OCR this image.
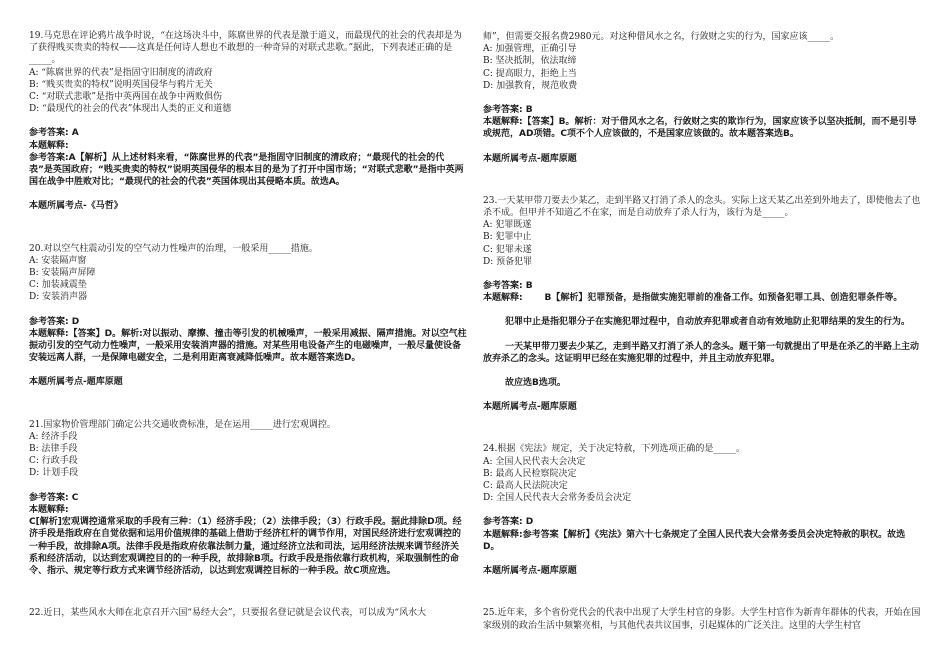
19.马克思在评论鸦片战争时说，“在这场决斗中，陈腐世界的代表是激于道义，而最现代的社会的代表却是为了获得贱买贵卖的特权——这真是任何诗人想也不敢想的一种奇异的对联式悲歌。”据此，下列表述正确的是_____。

A: “陈腐世界的代表”是指固守旧制度的清政府

B: “贱买贵卖的特权”说明英国侵华与鸦片无关

C: “对联式悲歌”是指中英两国在战争中两败俱伤

D: “最现代的社会的代表”体现出人类的正义和道德

参考答案: A

本题解释:

参考答案:A【解析】从上述材料来看，“陈腐世界的代表”是指固守旧制度的清政府；“最现代的社会的代表”是英国政府；“贱买贵卖的特权”说明英国侵华的根本目的是为了打开中国市场；“对联式悲歌”是指中英两国在战争中胜败对比；“最现代的社会的代表”英国体现出其侵略本质。故选A。

本题所属考点-《马哲》

20.对以空气柱震动引发的空气动力性噪声的治理，一般采用_____措施。

A: 安装隔声窗

B: 安装隔声屏障

C: 加装减震垫

D: 安装消声器

参考答案: D

本题解释:【答案】D。解析:对以振动、摩擦、撞击等引发的机械噪声，一般采用减振、隔声措施。对以空气柱振动引发的空气动力性噪声，一般采用安装消声器的措施。对某些用电设备产生的电磁噪声，一般尽量使设备安装远离人群，一是保障电磁安全，二是利用距离衰减降低噪声。故本题答案选D。

本题所属考点-题库原题

21.国家物价管理部门确定公共交通收费标准，是在运用_____进行宏观调控。

A: 经济手段

B: 法律手段

C: 行政手段

D: 计划手段

参考答案: C

本题解释:

C[解析]宏观调控通常采取的手段有三种：（1）经济手段；（2）法律手段；（3）行政手段。据此排除D项。经济手段是指政府在自觉依据和运用价值规律的基础上借助于经济杠杆的调节作用，对国民经济进行宏观调控的一种手段，故排除A项。法律手段是指政府依靠法制力量，通过经济立法和司法，运用经济法规来调节经济关系和经济活动，以达到宏观调控目的的一种手段，故排除B项。行政手段是指依靠行政机构，采取强制性的命令、指示、规定等行政方式来调节经济活动，以达到宏观调控目标的一种手段。故C项应选。

22.近日，某些风水大师在北京召开六国“易经大会”，只要报名登记就是会议代表，可以成为“风水大

师”，但需要交报名费2980元。对这种借风水之名，行敛财之实的行为，国家应该_____。

A: 加强管理，正确引导

B: 坚决抵制，依法取缔

C: 提高眼力，拒绝上当

D: 加强教育，规范收费

参考答案: B

本题解释:【答案】B。解析：对于借风水之名，行敛财之实的欺诈行为，国家应该予以坚决抵制，而不是引导或规范，AD项错。C项不个人应该做的，不是国家应该做的。故本题答案选B。

本题所属考点-题库原题

23.一天某甲带刀要去少某乙，走到半路又打消了杀人的念头。实际上这天某乙出差到外地去了，即使他去了也杀不成。但甲并不知道乙不在家，而是自动放弃了杀人行为，该行为是_____。

A: 犯罪既遂

B: 犯罪中止

C: 犯罪未遂

D: 预备犯罪

参考答案: B

本题解释: B【解析】犯罪预备，是指做实施犯罪前的准备工作。如预备犯罪工具、创造犯罪条件等。

犯罪中止是指犯罪分子在实施犯罪过程中，自动放弃犯罪或者自动有效地防止犯罪结果的发生的行为。

一天某甲带刀要去少某乙，走到半路又打消了杀人的念头。题干第一句就提出了甲是在杀乙的半路上主动放弃杀乙的念头。这证明甲已经在实施犯罪的过程中，并且主动放弃犯罪。

故应选B选项。

本题所属考点-题库原题

24.根据《宪法》规定，关于决定特赦，下列选项正确的是_____。

A: 全国人民代表大会决定

B: 最高人民检察院决定

C: 最高人民法院决定

D: 全国人民代表大会常务委员会决定

参考答案: D

本题解释:参考答案【解析】《宪法》第六十七条规定了全国人民代表大会常务委员会决定特赦的职权。故选D。

本题所属考点-题库原题

25.近年来，多个省份党代会的代表中出现了大学生村官的身影。大学生村官作为新青年群体的代表，开始在国家级别的政治生活中频繁亮相，与其他代表共议国事，引起媒体的广泛关注。这里的大学生村官
